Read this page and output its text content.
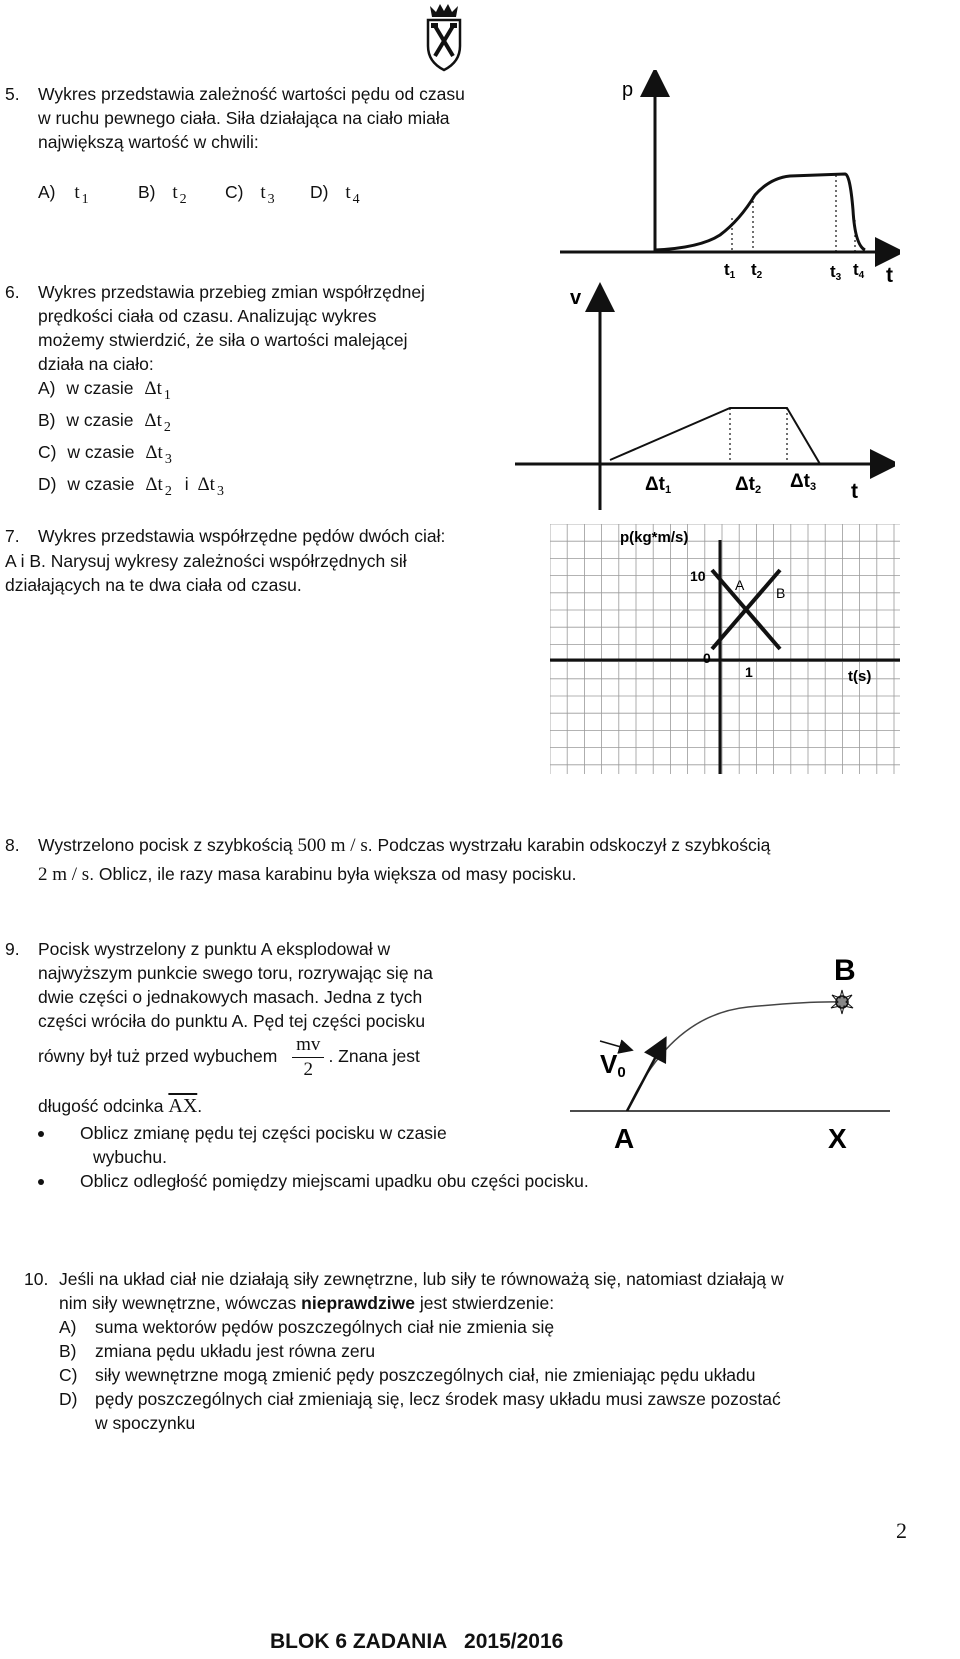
5. Wykres przedstawia zależność wartości pędu od czasu
w ruchu pewnego ciała. Siła działająca na ciało miała
największą wartość w chwili:
A) t $_1$	B) t $_2$ C) t $_3$ D) t $_4$
p
t1 t2	t3 t4 t
6. Wykres przedstawia przebieg zmian współrzędnej
prędkości ciała od czasu. Analizując wykres
możemy stwierdzić, że siła o wartości malejącej
działa na ciało:
A) w czasie Δt $_1$
B) w czasie Δt $_2$
C) w czasie Δt $_3$
D) w czasie Δt $_2$ i Δt $_3$
v
Δt1	Δt2 Δt3 t
7. Wykres przedstawia współrzędne pędów dwóch ciał:
A i B. Narysuj wykresy zależności współrzędnych sił
działających na te dwa ciała od czasu.
p(kg*m/s)
t(s)
10
0
1
A B
8. Wystrzelono pocisk z szybkością 500 m / s. Podczas wystrzału karabin odskoczył z szybkością
2 m / s. Oblicz, ile razy masa karabinu była większa od masy pocisku.
9. Pocisk wystrzelony z punktu A eksplodował w
najwyższym punkcie swego toru, rozrywając się na
dwie części o jednakowych masach. Jedna z tych
części wróciła do punktu A. Pęd tej części pocisku
równy był tuż przed wybuchem $\frac{mv}{2}$ . Znana jest
długość odcinka $\overline{AX}$.
Oblicz zmianę pędu tej części pocisku w czasie
wybuchu.
Oblicz odległość pomiędzy miejscami upadku obu części pocisku.
B
V0
A	X
10. Jeśli na układ ciał nie działają siły zewnętrzne, lub siły te równoważą się, natomiast działają w
nim siły wewnętrzne, wówczas nieprawdziwe jest stwierdzenie:
A) suma wektorów pędów poszczególnych ciał nie zmienia się
B) zmiana pędu układu jest równa zeru
C) siły wewnętrzne mogą zmienić pędy poszczególnych ciał, nie zmieniając pędu układu
D) pędy poszczególnych ciał zmieniają się, lecz środek masy układu musi zawsze pozostać
w spoczynku
2
BLOK 6 ZADANIA   2015/2016
